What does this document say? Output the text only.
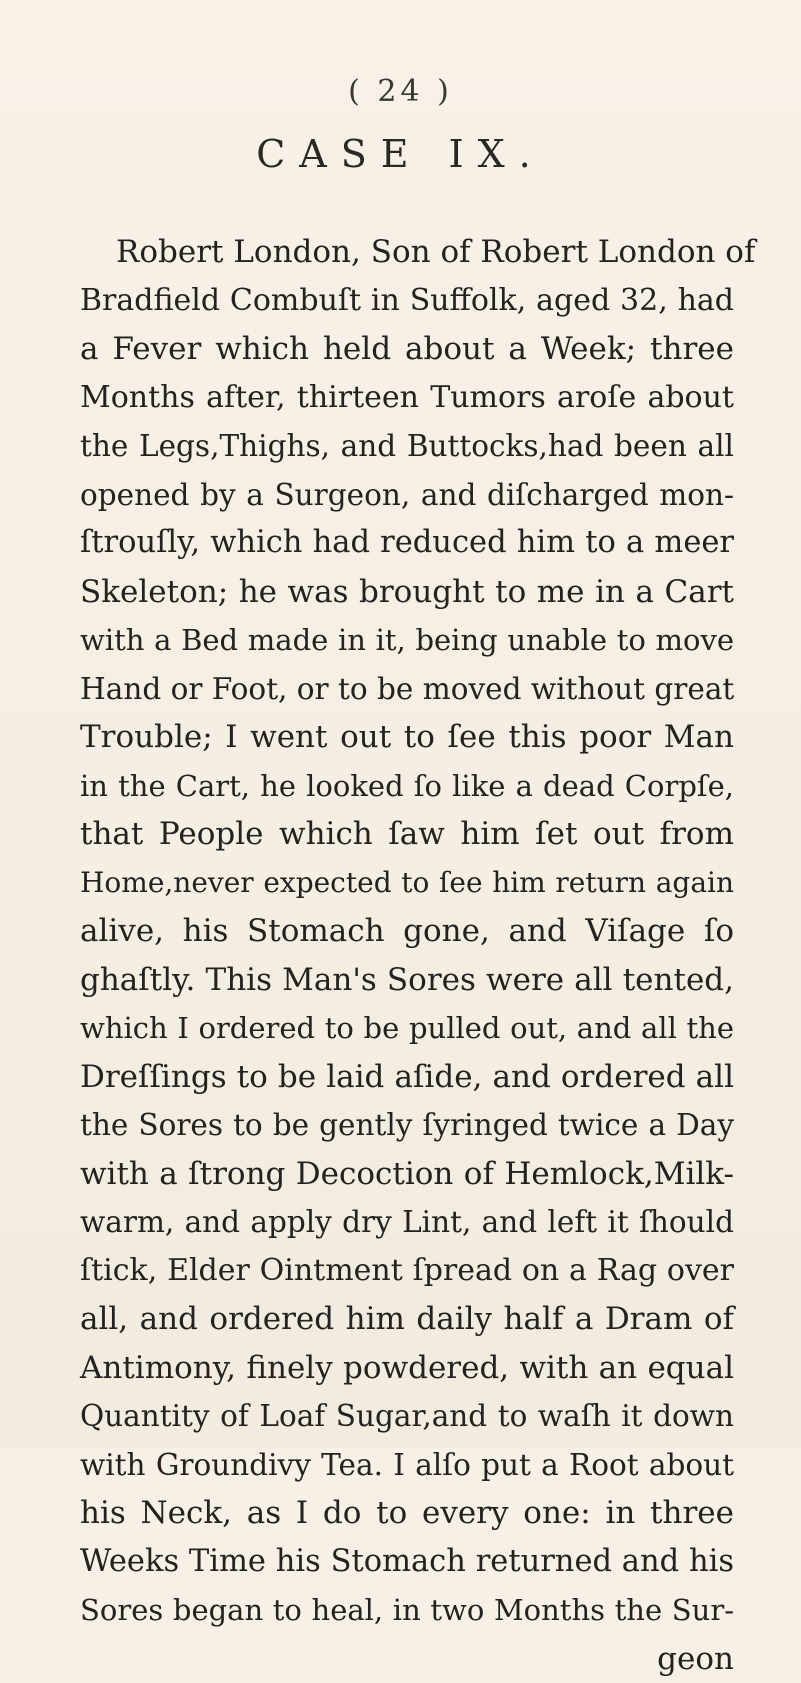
( 24 )
CASE IX.
Robert London, Son of Robert London of
Bradfield Combuſt in Suffolk, aged 32, had
a Fever which held about a Week; three
Months after, thirteen Tumors aroſe about
the Legs,Thighs, and Buttocks,had been all
opened by a Surgeon, and diſcharged mon-
ſtrouſly, which had reduced him to a meer
Skeleton; he was brought to me in a Cart
with a Bed made in it, being unable to move
Hand or Foot, or to be moved without great
Trouble; I went out to ſee this poor Man
in the Cart, he looked ſo like a dead Corpſe,
that People which ſaw him ſet out from
Home,never expected to ſee him return again
alive, his Stomach gone, and Viſage ſo
ghaſtly. This Man's Sores were all tented,
which I ordered to be pulled out, and all the
Dreſſings to be laid aſide, and ordered all
the Sores to be gently ſyringed twice a Day
with a ſtrong Decoction of Hemlock,Milk-
warm, and apply dry Lint, and left it ſhould
ſtick, Elder Ointment ſpread on a Rag over
all, and ordered him daily half a Dram of
Antimony, finely powdered, with an equal
Quantity of Loaf Sugar,and to waſh it down
with Groundivy Tea. I alſo put a Root about
his Neck, as I do to every one: in three
Weeks Time his Stomach returned and his
Sores began to heal, in two Months the Sur-
geon
